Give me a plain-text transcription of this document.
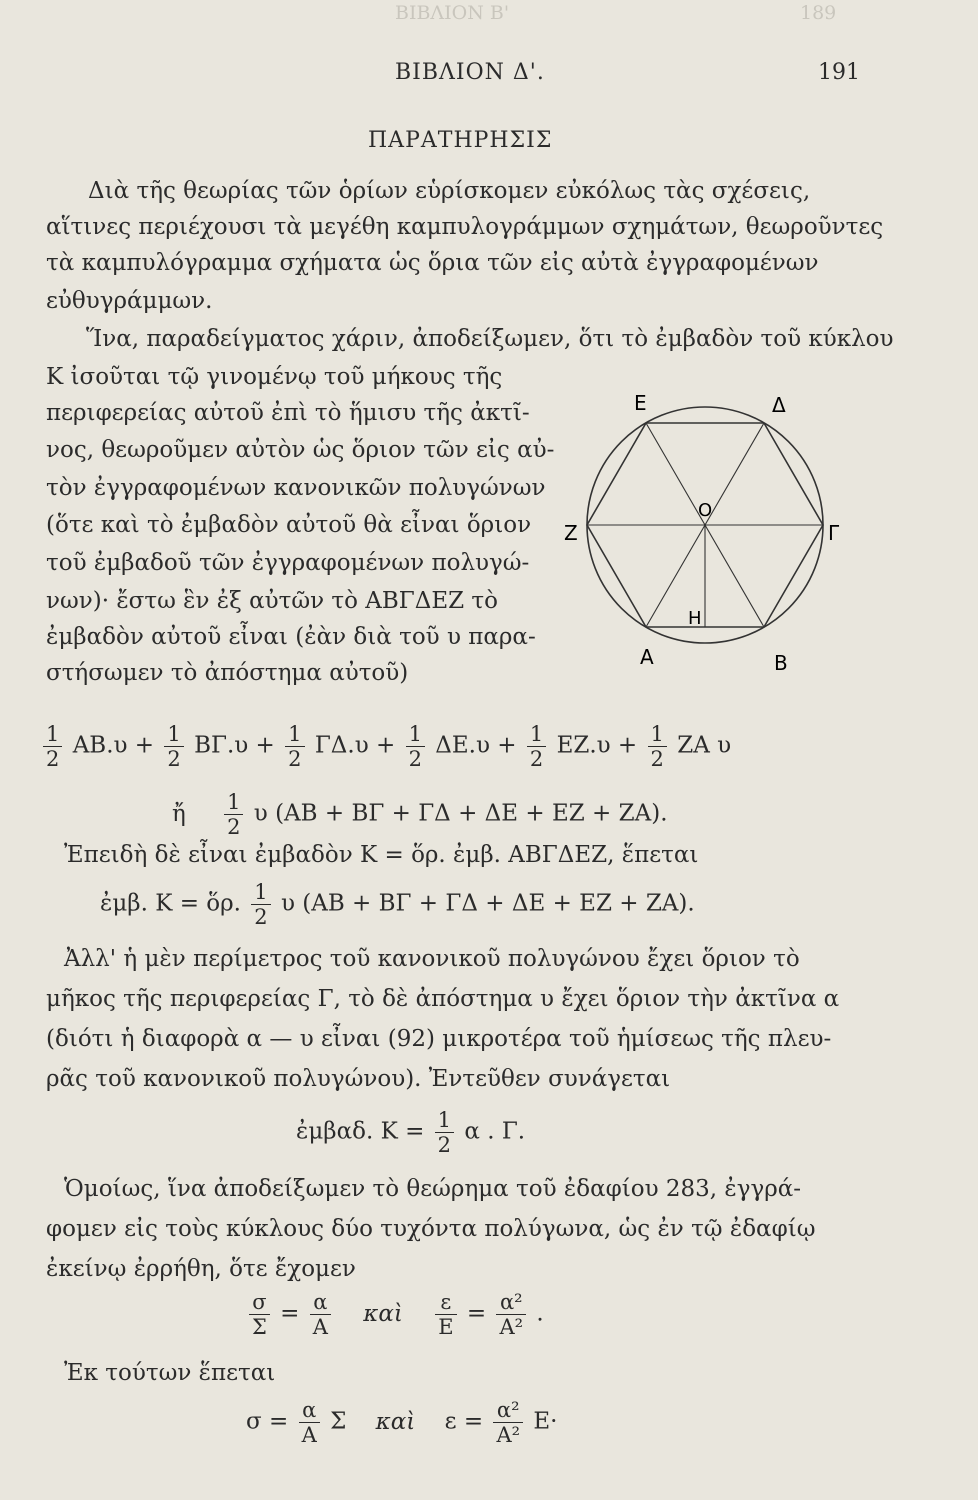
ΒΙΒΛΙΟΝ Β'	189
ΒΙΒΛΙΟΝ Δ'.	191
ΠΑΡΑΤΗΡΗΣΙΣ
Διὰ τῆς θεωρίας τῶν ὁρίων εὑρίσκομεν εὐκόλως τὰς σχέσεις,
αἵτινες περιέχουσι τὰ μεγέθη καμπυλογράμμων σχημάτων, θεωροῦντες
τὰ καμπυλόγραμμα σχήματα ὡς ὅρια τῶν εἰς αὐτὰ ἐγγραφομένων
εὐθυγράμμων.
Ἵνα, παραδείγματος χάριν, ἀποδείξωμεν, ὅτι τὸ ἐμβαδὸν τοῦ κύκλου
Κ ἰσοῦται τῷ γινομένῳ τοῦ μήκους τῆς
περιφερείας αὐτοῦ ἐπὶ τὸ ἥμισυ τῆς ἀκτῖ-
νος, θεωροῦμεν αὐτὸν ὡς ὅριον τῶν εἰς αὐ-
τὸν ἐγγραφομένων κανονικῶν πολυγώνων
(ὅτε καὶ τὸ ἐμβαδὸν αὐτοῦ θὰ εἶναι ὅριον
τοῦ ἐμβαδοῦ τῶν ἐγγραφομένων πολυγώ-
νων)· ἔστω ἓν ἐξ αὐτῶν τὸ ΑΒΓΔΕΖ τὸ
ἐμβαδὸν αὐτοῦ εἶναι (ἐὰν διὰ τοῦ υ παρα-
στήσωμεν τὸ ἀπόστημα αὐτοῦ)
Ε	Δ
Ζ	Γ
O
Η
Α	Β
$\frac{1}{2} AB.\upsilon + \frac{1}{2} B\Gamma.\upsilon + \frac{1}{2} \Gamma\Delta.\upsilon + \frac{1}{2} \Delta E.\upsilon + \frac{1}{2} EZ.\upsilon + \frac{1}{2}$ ΖΑ υ
ἤ $\frac{1}{2}$ υ (ΑΒ + ΒΓ + ΓΔ + ΔΕ + ΕΖ + ΖΑ).
Ἐπειδὴ δὲ εἶναι ἐμβαδὸν Κ = ὅρ. ἐμβ. ΑΒΓΔΕΖ, ἕπεται
ἐμβ. Κ = ὅρ. $\frac{1}{2}$ υ (ΑΒ + ΒΓ + ΓΔ + ΔΕ + ΕΖ + ΖΑ).
Ἀλλ' ἡ μὲν περίμετρος τοῦ κανονικοῦ πολυγώνου ἔχει ὅριον τὸ
μῆκος τῆς περιφερείας Γ, τὸ δὲ ἀπόστημα υ ἔχει ὅριον τὴν ἀκτῖνα α
(διότι ἡ διαφορὰ α — υ εἶναι (92) μικροτέρα τοῦ ἡμίσεως τῆς πλευ-
ρᾶς τοῦ κανονικοῦ πολυγώνου). Ἐντεῦθεν συνάγεται
ἐμβαδ. $K = \frac{1}{2}$ α . Γ.
Ὁμοίως, ἵνα ἀποδείξωμεν τὸ θεώρημα τοῦ ἐδαφίου 283, ἐγγρά-
φομεν εἰς τοὺς κύκλους δύο τυχόντα πολύγωνα, ὡς ἐν τῷ ἐδαφίῳ
ἐκείνῳ ἐρρήθη, ὅτε ἔχομεν
$\frac{\sigma}{\Sigma} = \frac{\alpha}{A}$ καὶ $\frac{\varepsilon}{E} = \frac{\text{α²}}{\text{Α²}}$ .
Ἐκ τούτων ἕπεται
$\sigma = \frac{\alpha}{A}$ Σ καὶ $\varepsilon = \frac{\text{α²}}{\text{Α²}} E\cdot$
